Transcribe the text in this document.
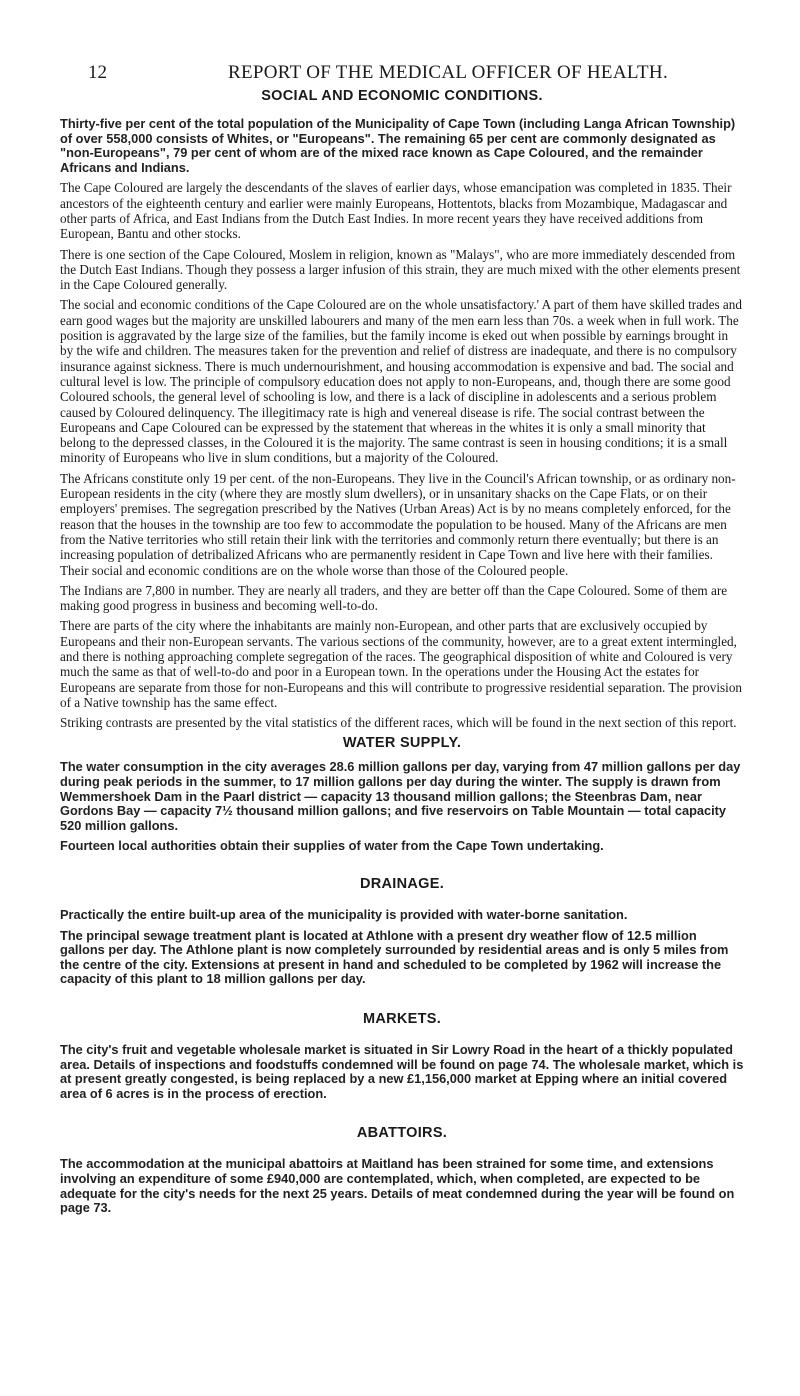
12	REPORT OF THE MEDICAL OFFICER OF HEALTH.
SOCIAL AND ECONOMIC CONDITIONS.

Thirty-five per cent of the total population of the Municipality of Cape Town (including Langa African Township) of over 558,000 consists of Whites, or "Europeans". The remaining 65 per cent are commonly designated as "non-Europeans", 79 per cent of whom are of the mixed race known as Cape Coloured, and the remainder Africans and Indians.

The Cape Coloured are largely the descendants of the slaves of earlier days, whose emancipation was completed in 1835. Their ancestors of the eighteenth century and earlier were mainly Europeans, Hottentots, blacks from Mozambique, Madagascar and other parts of Africa, and East Indians from the Dutch East Indies. In more recent years they have received additions from European, Bantu and other stocks.

There is one section of the Cape Coloured, Moslem in religion, known as "Malays", who are more immediately descended from the Dutch East Indians. Though they possess a larger infusion of this strain, they are much mixed with the other elements present in the Cape Coloured generally.

The social and economic conditions of the Cape Coloured are on the whole unsatisfactory.' A part of them have skilled trades and earn good wages but the majority are unskilled labourers and many of the men earn less than 70s. a week when in full work. The position is aggravated by the large size of the families, but the family income is eked out when possible by earnings brought in by the wife and children. The measures taken for the prevention and relief of distress are inadequate, and there is no compulsory insurance against sickness. There is much undernourishment, and housing accommodation is expensive and bad. The social and cultural level is low. The principle of compulsory education does not apply to non-Europeans, and, though there are some good Coloured schools, the general level of schooling is low, and there is a lack of discipline in adolescents and a serious problem caused by Coloured delinquency. The illegitimacy rate is high and venereal disease is rife. The social contrast between the Europeans and Cape Coloured can be expressed by the statement that whereas in the whites it is only a small minority that belong to the depressed classes, in the Coloured it is the majority. The same contrast is seen in housing conditions; it is a small minority of Europeans who live in slum conditions, but a majority of the Coloured.

The Africans constitute only 19 per cent. of the non-Europeans. They live in the Council's African township, or as ordinary non-European residents in the city (where they are mostly slum dwellers), or in unsanitary shacks on the Cape Flats, or on their employers' premises. The segregation prescribed by the Natives (Urban Areas) Act is by no means completely enforced, for the reason that the houses in the township are too few to accommodate the population to be housed. Many of the Africans are men from the Native territories who still retain their link with the territories and commonly return there eventually; but there is an increasing population of detribalized Africans who are permanently resident in Cape Town and live here with their families. Their social and economic conditions are on the whole worse than those of the Coloured people.

The Indians are 7,800 in number. They are nearly all traders, and they are better off than the Cape Coloured. Some of them are making good progress in business and becoming well-to-do.

There are parts of the city where the inhabitants are mainly non-European, and other parts that are exclusively occupied by Europeans and their non-European servants. The various sections of the community, however, are to a great extent intermingled, and there is nothing approaching complete segregation of the races. The geographical disposition of white and Coloured is very much the same as that of well-to-do and poor in a European town. In the operations under the Housing Act the estates for Europeans are separate from those for non-Europeans and this will contribute to progressive residential separation. The provision of a Native township has the same effect.

Striking contrasts are presented by the vital statistics of the different races, which will be found in the next section of this report.

WATER SUPPLY.

The water consumption in the city averages 28.6 million gallons per day, varying from 47 million gallons per day during peak periods in the summer, to 17 million gallons per day during the winter. The supply is drawn from Wemmershoek Dam in the Paarl district — capacity 13 thousand million gallons; the Steenbras Dam, near Gordons Bay — capacity 7½ thousand million gallons; and five reservoirs on Table Mountain — total capacity 520 million gallons.

Fourteen local authorities obtain their supplies of water from the Cape Town undertaking.

DRAINAGE.

Practically the entire built-up area of the municipality is provided with water-borne sanitation.

The principal sewage treatment plant is located at Athlone with a present dry weather flow of 12.5 million gallons per day. The Athlone plant is now completely surrounded by residential areas and is only 5 miles from the centre of the city. Extensions at present in hand and scheduled to be completed by 1962 will increase the capacity of this plant to 18 million gallons per day.

MARKETS.

The city's fruit and vegetable wholesale market is situated in Sir Lowry Road in the heart of a thickly populated area. Details of inspections and foodstuffs condemned will be found on page 74. The wholesale market, which is at present greatly congested, is being replaced by a new £1,156,000 market at Epping where an initial covered area of 6 acres is in the process of erection.

ABATTOIRS.

The accommodation at the municipal abattoirs at Maitland has been strained for some time, and extensions involving an expenditure of some £940,000 are contemplated, which, when completed, are expected to be adequate for the city's needs for the next 25 years. Details of meat condemned during the year will be found on page 73.
